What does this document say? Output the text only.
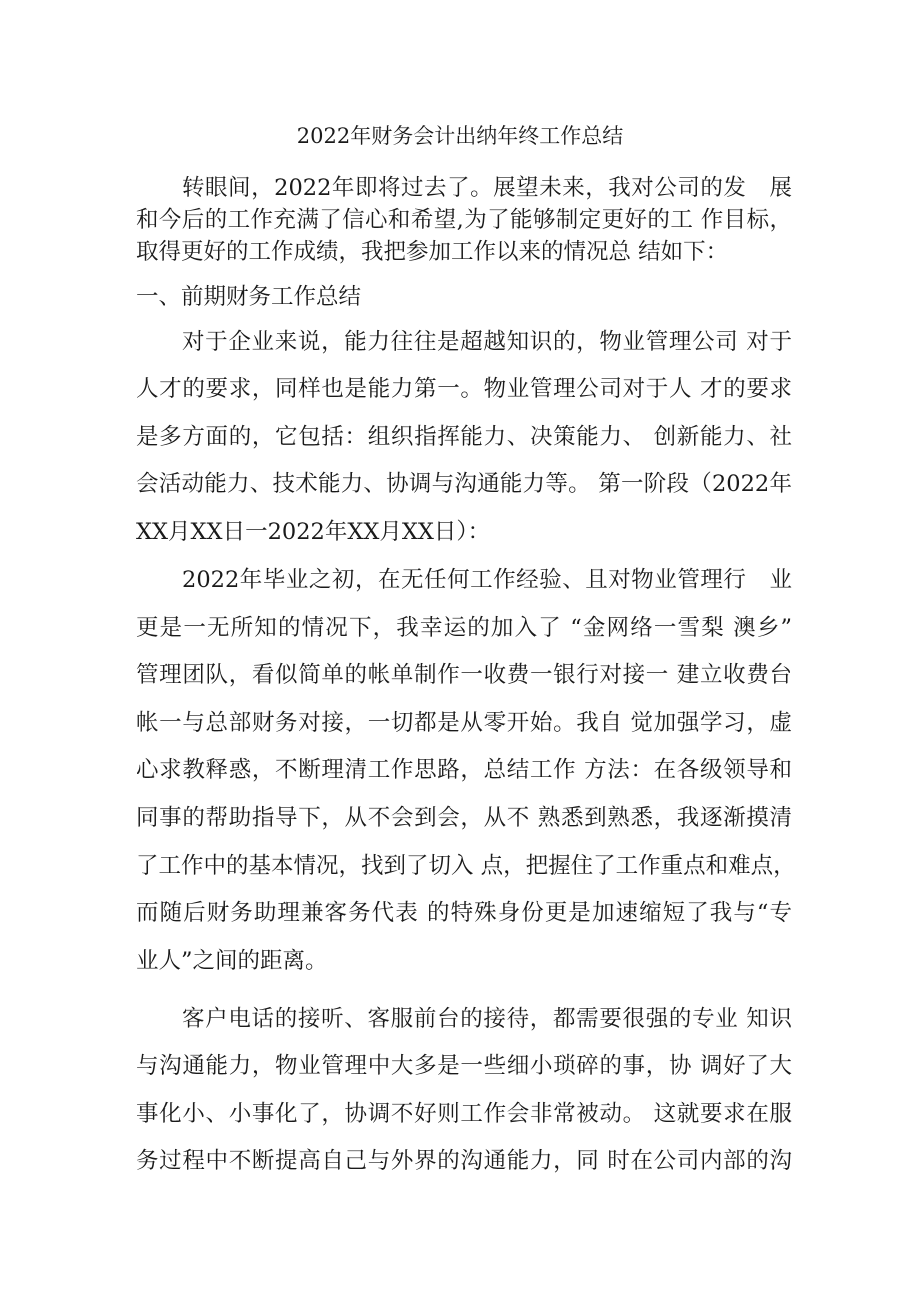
2022年财务会计出纳年终工作总结

转眼间，2022年即将过去了。展望未来，我对公司的发　展

和今后的工作充满了信心和希望,为了能够制定更好的工 作目标，

取得更好的工作成绩，我把参加工作以来的情况总 结如下：

一、前期财务工作总结

对于企业来说，能力往往是超越知识的，物业管理公司 对于

人才的要求，同样也是能力第一。物业管理公司对于人 才的要求

是多方面的，它包括：组织指挥能力、决策能力、 创新能力、社

会活动能力、技术能力、协调与沟通能力等。 第一阶段（2022年

XX月XX日一2022年XX月XX日）：

2022年毕业之初，在无任何工作经验、且对物业管理行　业

更是一无所知的情况下，我幸运的加入了 “金网络一雪梨 澳乡”

管理团队，看似简单的帐单制作一收费一银行对接一 建立收费台

帐一与总部财务对接，一切都是从零开始。我自 觉加强学习，虚

心求教释惑，不断理清工作思路，总结工作 方法：在各级领导和

同事的帮助指导下，从不会到会，从不 熟悉到熟悉，我逐渐摸清

了工作中的基本情况，找到了切入 点，把握住了工作重点和难点，

而随后财务助理兼客务代表 的特殊身份更是加速缩短了我与“专

业人”之间的距离。

客户电话的接听、客服前台的接待，都需要很强的专业 知识

与沟通能力，物业管理中大多是一些细小琐碎的事，协 调好了大

事化小、小事化了，协调不好则工作会非常被动。 这就要求在服

务过程中不断提高自己与外界的沟通能力，同 时在公司内部的沟
